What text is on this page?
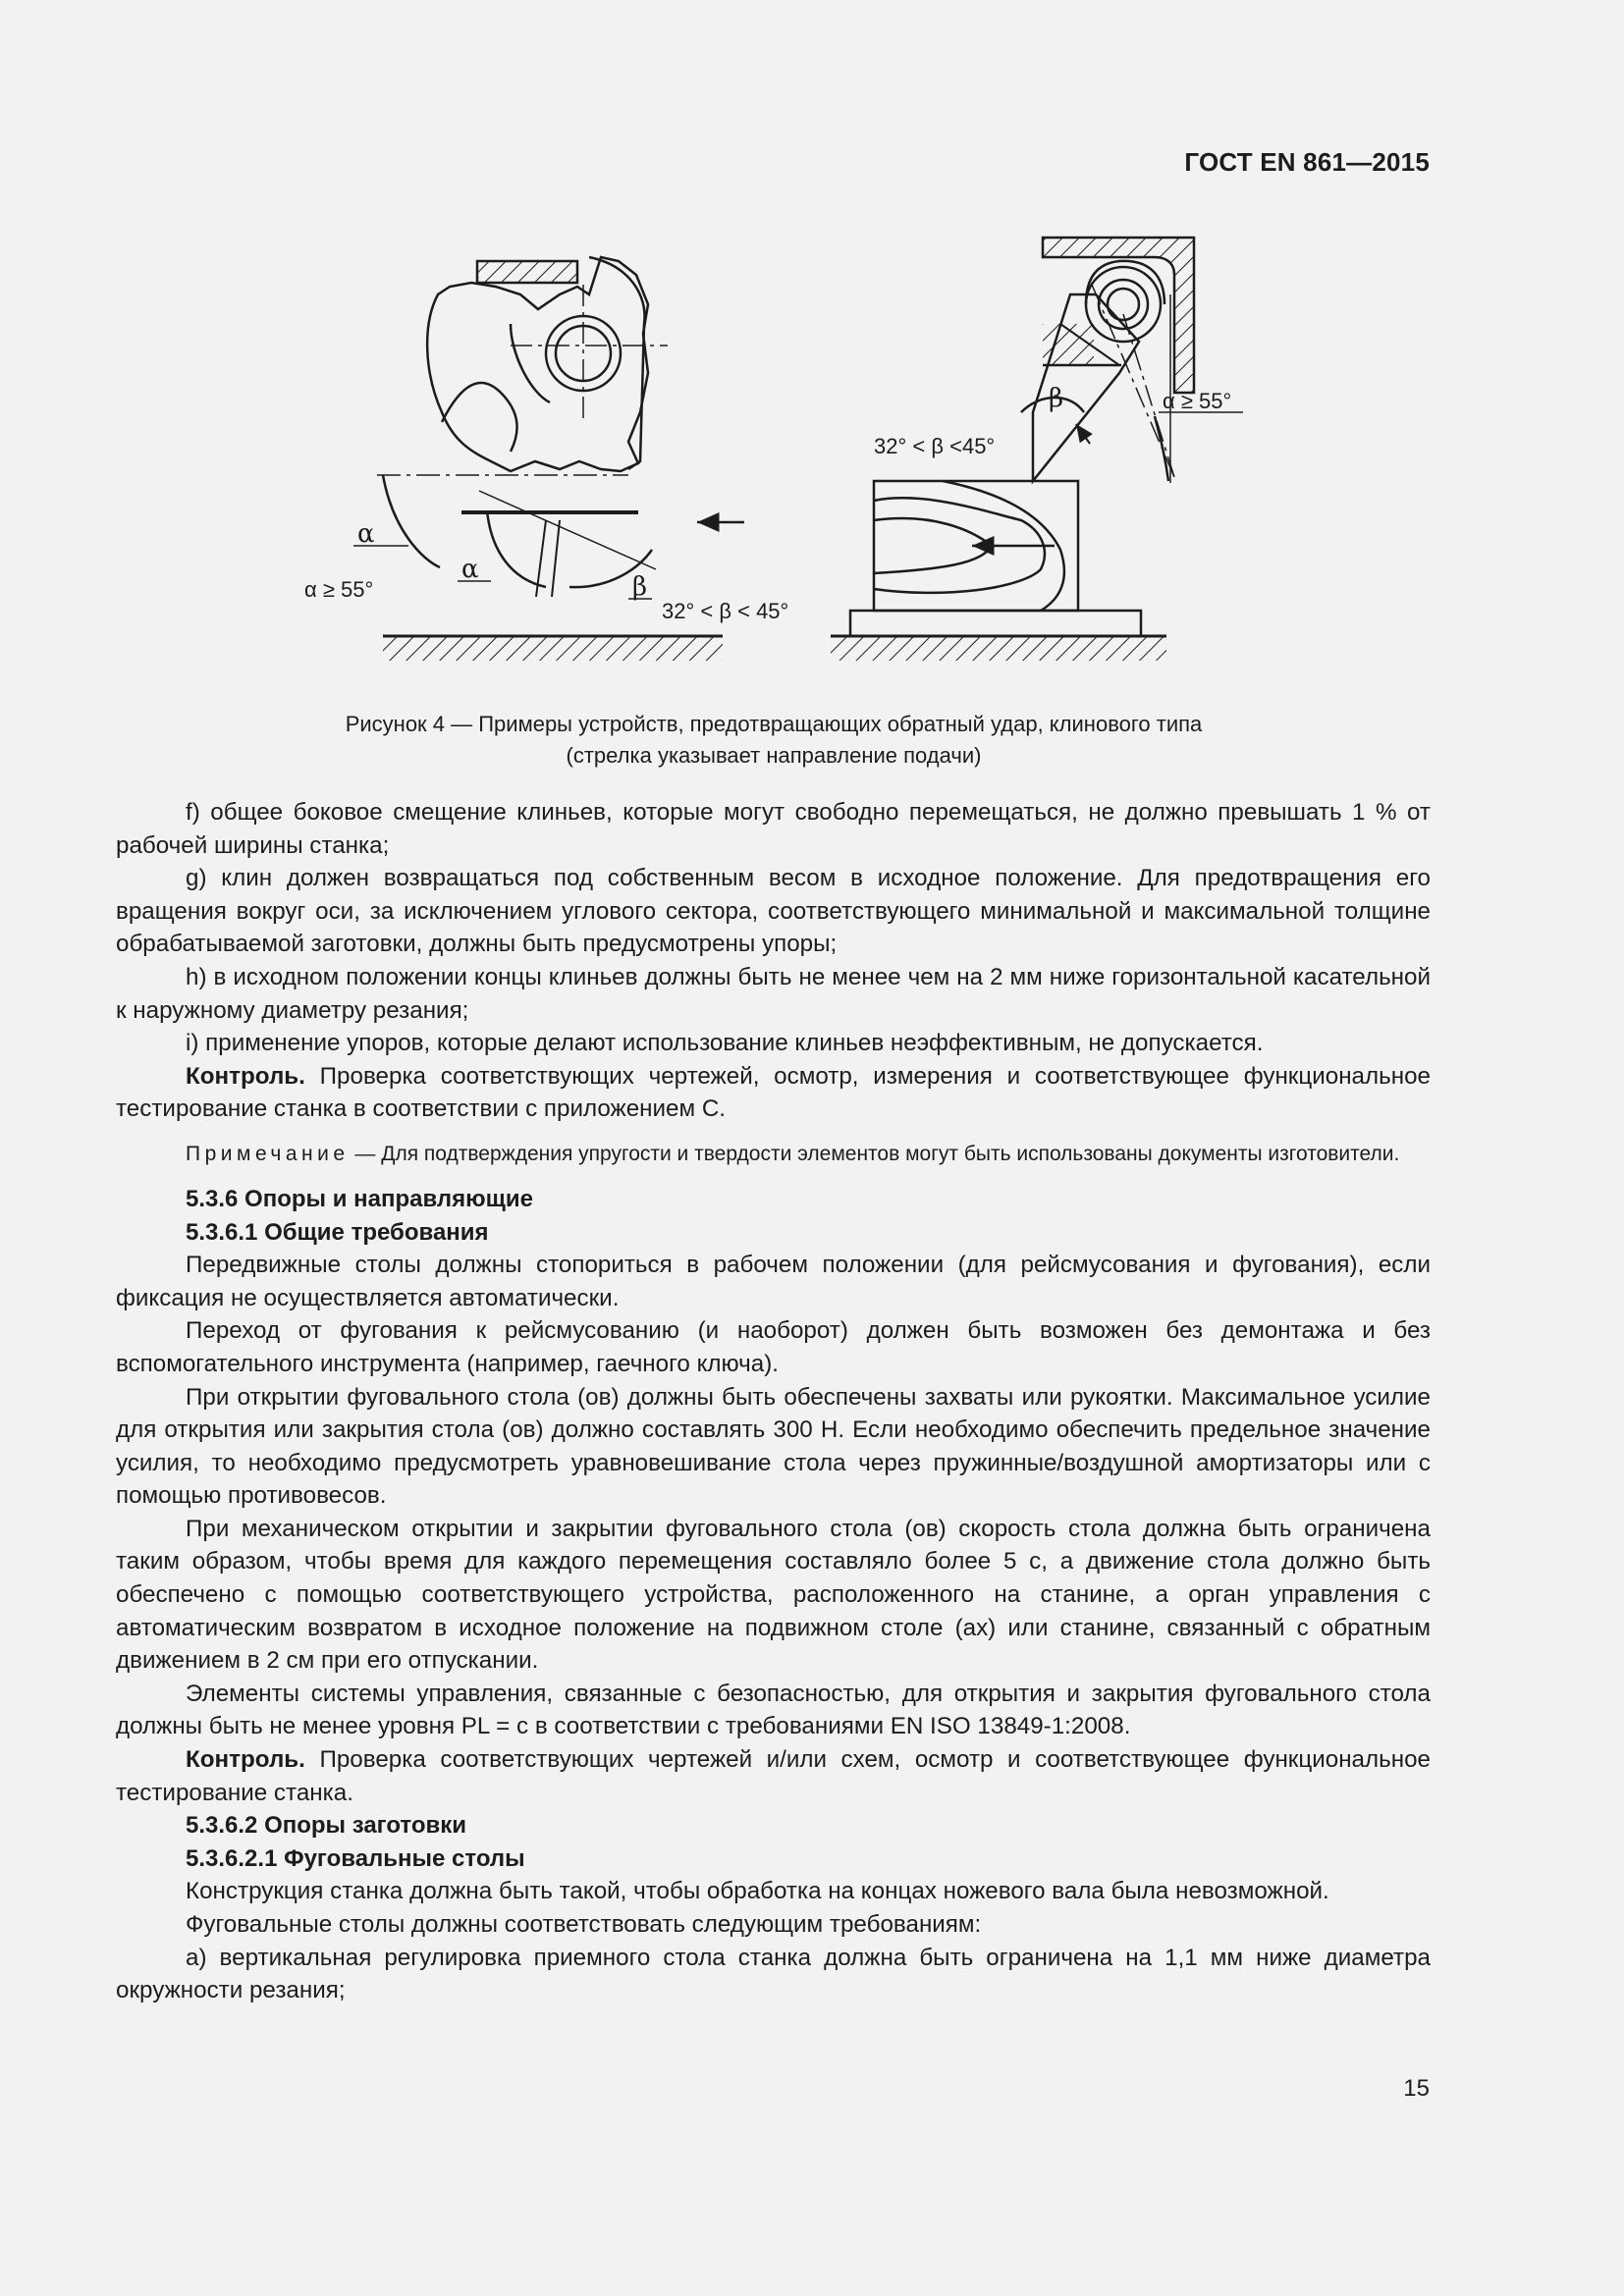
ГОСТ EN 861—2015
α ≥ 55°
α
α
β
32° < β < 45°
α ≥ 55°
β
32° < β <45°
Рисунок 4 — Примеры устройств, предотвращающих обратный удар, клинового типа
(стрелка указывает направление подачи)

f) общее боковое смещение клиньев, которые могут свободно перемещаться, не должно превышать 1 % от рабочей ширины станка;

g) клин должен возвращаться под собственным весом в исходное положение. Для предотвращения его вращения вокруг оси, за исключением углового сектора, соответствующего минимальной и максимальной толщине обрабатываемой заготовки, должны быть предусмотрены упоры;

h) в исходном положении концы клиньев должны быть не менее чем на 2 мм ниже горизонтальной касательной к наружному диаметру резания;

i) применение упоров, которые делают использование клиньев неэффективным, не допускается.

Контроль. Проверка соответствующих чертежей, осмотр, измерения и соответствующее функциональное тестирование станка в соответствии с приложением С.

Примечание — Для подтверждения упругости и твердости элементов могут быть использованы документы изготовители.

5.3.6 Опоры и направляющие
5.3.6.1 Общие требования

Передвижные столы должны стопориться в рабочем положении (для рейсмусования и фугования), если фиксация не осуществляется автоматически.

Переход от фугования к рейсмусованию (и наоборот) должен быть возможен без демонтажа и без вспомогательного инструмента (например, гаечного ключа).

При открытии фуговального стола (ов) должны быть обеспечены захваты или рукоятки. Максимальное усилие для открытия или закрытия стола (ов) должно составлять 300 Н. Если необходимо обеспечить предельное значение усилия, то необходимо предусмотреть уравновешивание стола через пружинные/воздушной амортизаторы или с помощью противовесов.

При механическом открытии и закрытии фуговального стола (ов) скорость стола должна быть ограничена таким образом, чтобы время для каждого перемещения составляло более 5 с, а движение стола должно быть обеспечено с помощью соответствующего устройства, расположенного на станине, а орган управления с автоматическим возвратом в исходное положение на подвижном столе (ах) или станине, связанный с обратным движением в 2 см при его отпускании.

Элементы системы управления, связанные с безопасностью, для открытия и закрытия фуговального стола должны быть не менее уровня PL = c в соответствии с требованиями EN ISO 13849-1:2008.

Контроль. Проверка соответствующих чертежей и/или схем, осмотр и соответствующее функциональное тестирование станка.

5.3.6.2 Опоры заготовки
5.3.6.2.1 Фуговальные столы

Конструкция станка должна быть такой, чтобы обработка на концах ножевого вала была невозможной.

Фуговальные столы должны соответствовать следующим требованиям:

a) вертикальная регулировка приемного стола станка должна быть ограничена на 1,1 мм ниже диаметра окружности резания;

15
